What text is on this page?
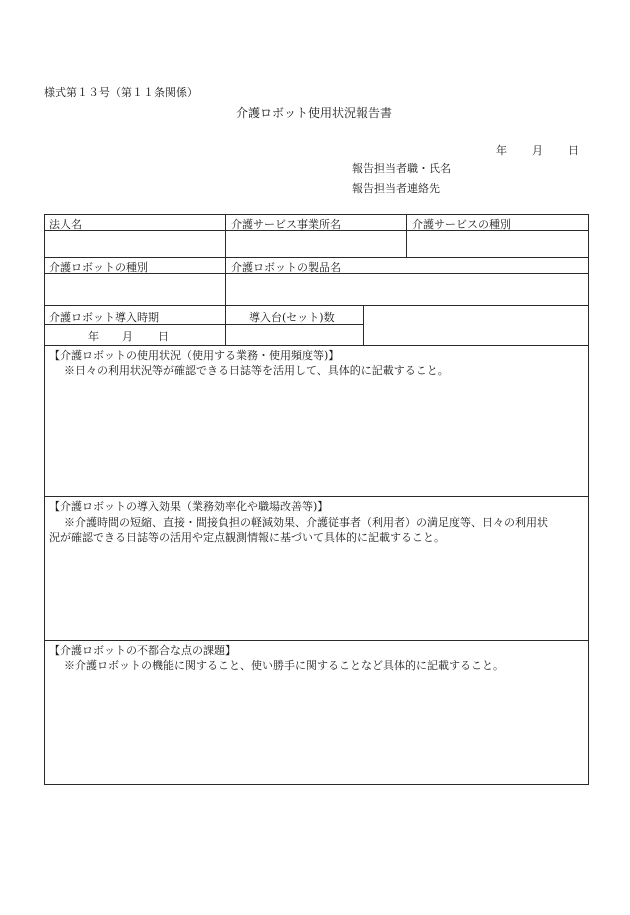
様式第１３号（第１１条関係）
介護ロボット使用状況報告書
年 月 日
報告担当者職・氏名
報告担当者連絡先
法人名	介護サービス事業所名	介護サービスの種別
介護ロボットの種別	介護ロボットの製品名
介護ロボット導入時期	導入台(セット)数
年 月 日
【介護ロボットの使用状況（使用する業務・使用頻度等)】
※日々の利用状況等が確認できる日誌等を活用して、具体的に記載すること。
【介護ロボットの導入効果（業務効率化や職場改善等)】
※介護時間の短縮、直接・間接負担の軽減効果、介護従事者（利用者）の満足度等、日々の利用状
況が確認できる日誌等の活用や定点観測情報に基づいて具体的に記載すること。
【介護ロボットの不都合な点の課題】
※介護ロボットの機能に関すること、使い勝手に関することなど具体的に記載すること。
